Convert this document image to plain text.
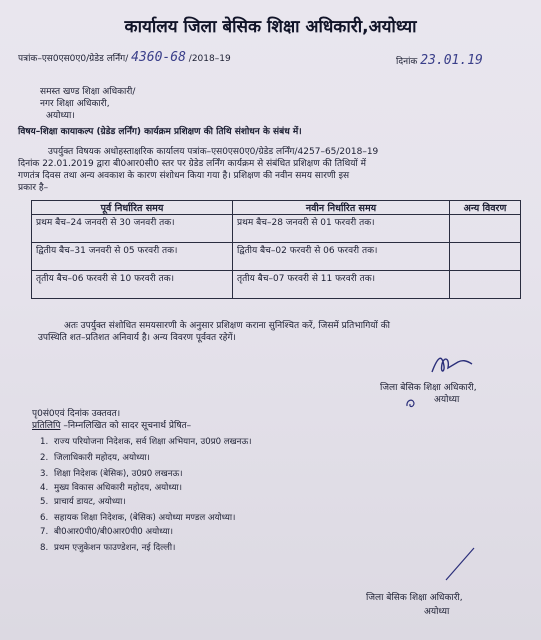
कार्यालय जिला बेसिक शिक्षा अधिकारी,अयोध्या
पत्रांक–एस0एस0ए0/ग्रेडेड लर्निंग/ 4360-68 /2018–19	दिनांक 23.01.19
समस्त खण्ड शिक्षा अधिकारी/
नगर शिक्षा अधिकारी,
अयोध्या।
विषय–शिक्षा कायाकल्प (ग्रेडेड लर्निंग) कार्यक्रम प्रशिक्षण की तिथि संशोधन के संबंध में।
उपर्युक्त विषयक अधोहस्ताक्षरिक कार्यालय पत्रांक–एस0एस0ए0/ग्रेडेड लर्निंग/4257–65/2018–19
दिनांक 22.01.2019 द्वारा बी0आर0सी0 स्तर पर ग्रेडेड लर्निंग कार्यक्रम से संबंधित प्रशिक्षण की तिथियों में
गणतंत्र दिवस तथा अन्य अवकाश के कारण संशोधन किया गया है। प्रशिक्षण की नवीन समय सारणी इस
प्रकार है–
पूर्व निर्धारित समय	नवीन निर्धारित समय	अन्य विवरण
प्रथम बैच–24 जनवरी से 30 जनवरी तक।	प्रथम बैच–28 जनवरी से 01 फरवरी तक।	
द्वितीय बैच–31 जनवरी से 05 फरवरी तक।	द्वितीय बैच–02 फरवरी से 06 फरवरी तक।	
तृतीय बैच–06 फरवरी से 10 फरवरी तक।	तृतीय बैच–07 फरवरी से 11 फरवरी तक।	
अतः उपर्युक्त संशोधित समयसारणी के अनुसार प्रशिक्षण कराना सुनिश्चित करें, जिसमें प्रतिभागियों की
उपस्थिति शत–प्रतिशत अनिवार्य है। अन्य विवरण पूर्ववत रहेगें।
जिला बेसिक शिक्षा अधिकारी,
अयोध्या
पृ0सं0एवं दिनांक उक्तवत।
प्रतिलिपि –निम्नलिखित को सादर सूचनार्थ प्रेषित–
1. राज्य परियोजना निदेशक, सर्व शिक्षा अभियान, उ0प्र0 लखनऊ।
2. जिलाधिकारी महोदय, अयोध्या।
3. शिक्षा निदेशक (बेसिक), उ0प्र0 लखनऊ।
4. मुख्य विकास अधिकारी महोदय, अयोध्या।
5. प्राचार्य डायट, अयोध्या।
6. सहायक शिक्षा निदेशक, (बेसिक) अयोध्या मण्डल अयोध्या।
7. बी0आर0पी0/बी0आर0पी0 अयोध्या।
8. प्रथम एजुकेशन फाउण्डेशन, नई दिल्ली।
जिला बेसिक शिक्षा अधिकारी,
अयोध्या
